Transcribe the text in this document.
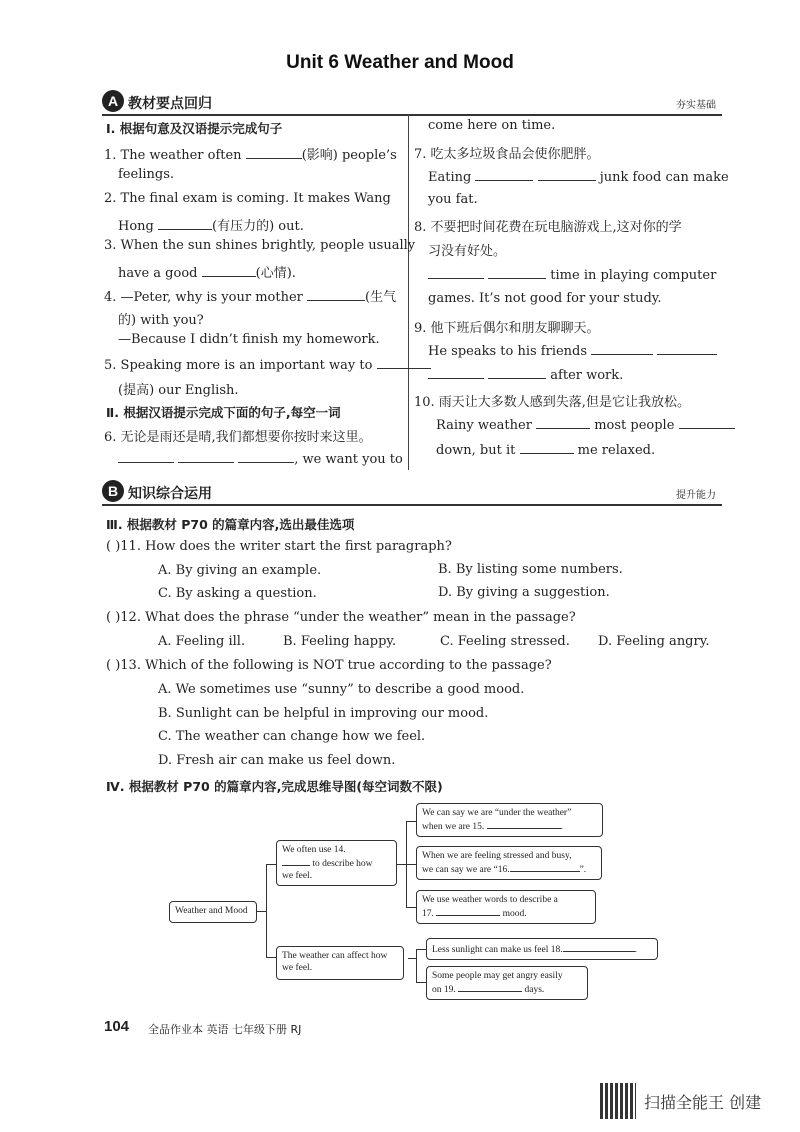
Unit 6 Weather and Mood
A 教材要点回归	夯实基础
Ⅰ. 根据句意及汉语提示完成句子
1. The weather often	(影响) people’s
feelings.
2. The final exam is coming. It makes Wang
Hong	(有压力的) out.
3. When the sun shines brightly, people usually
have a good	(心情).
4. —Peter, why is your mother	(生气
的) with you?
—Because I didn’t finish my homework.
5. Speaking more is an important way to
(提高) our English.
Ⅱ. 根据汉语提示完成下面的句子,每空一词
6. 无论是雨还是晴,我们都想要你按时来这里。
, we want you to
come here on time.
7. 吃太多垃圾食品会使你肥胖。
Eating	junk food can make
you fat.
8. 不要把时间花费在玩电脑游戏上,这对你的学
习没有好处。
time in playing computer
games. It’s not good for your study.
9. 他下班后偶尔和朋友聊聊天。
He speaks to his friends
after work.
10. 雨天让大多数人感到失落,但是它让我放松。
Rainy weather	most people
down, but it	me relaxed.
B 知识综合运用	提升能力
Ⅲ. 根据教材 P70 的篇章内容,选出最佳选项
( )11. How does the writer start the first paragraph?
A. By giving an example.	B. By listing some numbers.
C. By asking a question.	D. By giving a suggestion.
( )12. What does the phrase “under the weather” mean in the passage?
A. Feeling ill.	B. Feeling happy.	C. Feeling stressed. D. Feeling angry.
( )13. Which of the following is NOT true according to the passage?
A. We sometimes use “sunny” to describe a good mood.
B. Sunlight can be helpful in improving our mood.
C. The weather can change how we feel.
D. Fresh air can make us feel down.
Ⅳ. 根据教材 P70 的篇章内容,完成思维导图(每空词数不限)
Weather and Mood
We often use 14.
to describe how
we feel.
The weather can affect how
we feel.
We can say we are “under the weather”
when we are 15.	.
When we are feeling stressed and busy,
we can say we are “16.	”.
We use weather words to describe a
17.	mood.
Less sunlight can make us feel 18.	.
Some people may get angry easily
on 19.	days.
104 全品作业本 英语 七年级下册 RJ
扫描全能王 创建
